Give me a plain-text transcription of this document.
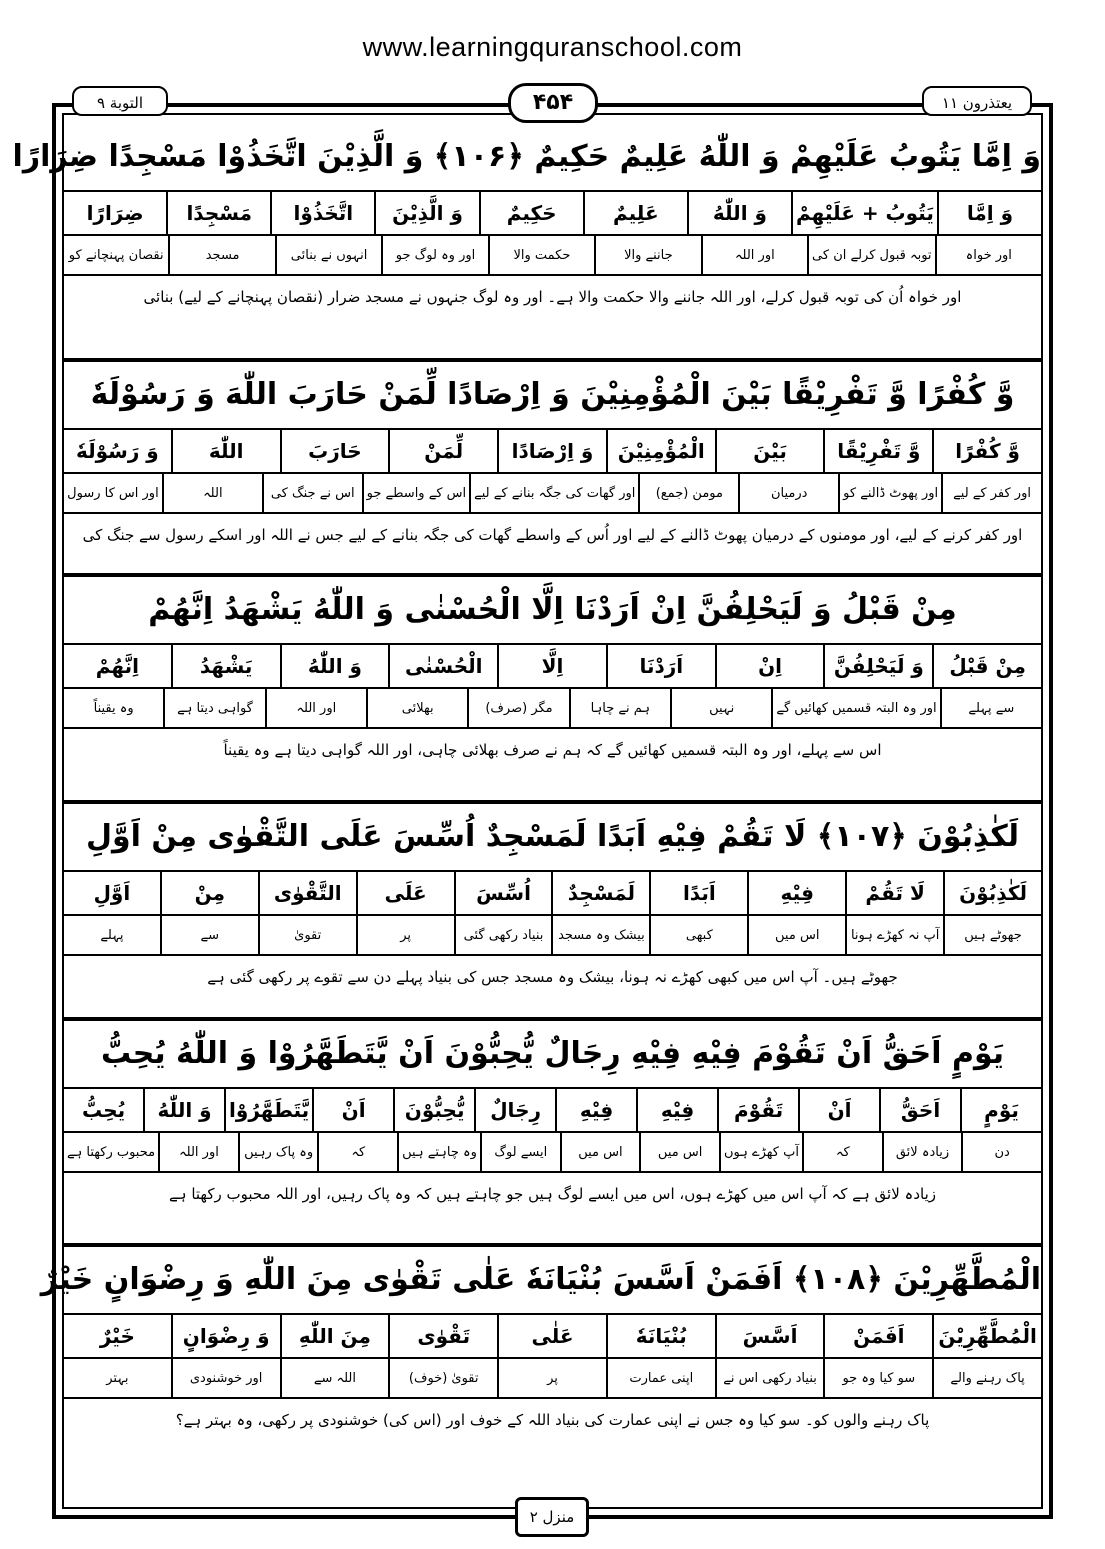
www.learningquranschool.com
التوبة ۹	۴۵۴	یعتذرون ۱۱
وَ اِمَّا يَتُوبُ عَلَيْهِمْ وَ اللّٰهُ عَلِيمٌ حَكِيمٌ ﴿۱۰۶﴾ وَ الَّذِيْنَ اتَّخَذُوْا مَسْجِدًا ضِرَارًا
وَ اِمَّا
يَتُوبُ + عَلَيْهِمْ
وَ اللّٰهُ
عَلِيمٌ
حَكِيمٌ
وَ الَّذِيْنَ
اتَّخَذُوْا
مَسْجِدًا
ضِرَارًا
اور خواہ
توبہ قبول کرلے ان کی
اور اللہ
جاننے والا
حکمت والا
اور وہ لوگ جو
انہوں نے بنائی
مسجد
نقصان پہنچانے کو
اور خواہ اُن کی توبہ قبول کرلے، اور اللہ جاننے والا حکمت والا ہے۔ اور وہ لوگ جنہوں نے مسجد ضرار (نقصان پہنچانے کے لیے) بنائی
وَّ كُفْرًا وَّ تَفْرِيْقًا بَيْنَ الْمُؤْمِنِيْنَ وَ اِرْصَادًا لِّمَنْ حَارَبَ اللّٰهَ وَ رَسُوْلَهٗ
وَّ كُفْرًا
وَّ تَفْرِيْقًا
بَيْنَ
الْمُؤْمِنِيْنَ
وَ اِرْصَادًا
لِّمَنْ
حَارَبَ
اللّٰهَ
وَ رَسُوْلَهٗ
اور کفر کے لیے
اور پھوٹ ڈالنے کو
درمیان
مومن (جمع)
اور گھات کی جگہ بنانے کے لیے
اس کے واسطے جو
اس نے جنگ کی
اللہ
اور اس کا رسول
اور کفر کرنے کے لیے، اور مومنوں کے درمیان پھوٹ ڈالنے کے لیے اور اُس کے واسطے گھات کی جگہ بنانے کے لیے جس نے اللہ اور اسکے رسول سے جنگ کی
مِنْ قَبْلُ وَ لَيَحْلِفُنَّ اِنْ اَرَدْنَا اِلَّا الْحُسْنٰى وَ اللّٰهُ يَشْهَدُ اِنَّهُمْ
مِنْ قَبْلُ
وَ لَيَحْلِفُنَّ
اِنْ
اَرَدْنَا
اِلَّا
الْحُسْنٰى
وَ اللّٰهُ
يَشْهَدُ
اِنَّهُمْ
سے پہلے
اور وہ البتہ قسمیں کھائیں گے
نہیں
ہم نے چاہا
مگر (صرف)
بھلائی
اور اللہ
گواہی دیتا ہے
وہ یقیناً
اس سے پہلے، اور وہ البتہ قسمیں کھائیں گے کہ ہم نے صرف بھلائی چاہی، اور اللہ گواہی دیتا ہے وہ یقیناً
لَكٰذِبُوْنَ ﴿۱۰۷﴾ لَا تَقُمْ فِيْهِ اَبَدًا لَمَسْجِدٌ اُسِّسَ عَلَى التَّقْوٰى مِنْ اَوَّلِ
لَكٰذِبُوْنَ
لَا تَقُمْ
فِيْهِ
اَبَدًا
لَمَسْجِدٌ
اُسِّسَ
عَلَى
التَّقْوٰى
مِنْ
اَوَّلِ
جھوٹے ہیں
آپ نہ کھڑے ہونا
اس میں
کبھی
بیشک وہ مسجد
بنیاد رکھی گئی
پر
تقویٰ
سے
پہلے
جھوٹے ہیں۔ آپ اس میں کبھی کھڑے نہ ہونا، بیشک وہ مسجد جس کی بنیاد پہلے دن سے تقوے پر رکھی گئی ہے
يَوْمٍ اَحَقُّ اَنْ تَقُوْمَ فِيْهِ فِيْهِ رِجَالٌ يُّحِبُّوْنَ اَنْ يَّتَطَهَّرُوْا وَ اللّٰهُ يُحِبُّ
يَوْمٍ
اَحَقُّ
اَنْ
تَقُوْمَ
فِيْهِ
فِيْهِ
رِجَالٌ
يُّحِبُّوْنَ
اَنْ
يَّتَطَهَّرُوْا
وَ اللّٰهُ
يُحِبُّ
دن
زیادہ لائق
کہ
آپ کھڑے ہوں
اس میں
اس میں
ایسے لوگ
وہ چاہتے ہیں
کہ
وہ پاک رہیں
اور اللہ
محبوب رکھتا ہے
زیادہ لائق ہے کہ آپ اس میں کھڑے ہوں، اس میں ایسے لوگ ہیں جو چاہتے ہیں کہ وہ پاک رہیں، اور اللہ محبوب رکھتا ہے
الْمُطَّهِّرِيْنَ ﴿۱۰۸﴾ اَفَمَنْ اَسَّسَ بُنْيَانَهٗ عَلٰى تَقْوٰى مِنَ اللّٰهِ وَ رِضْوَانٍ خَيْرٌ
الْمُطَّهِّرِيْنَ
اَفَمَنْ
اَسَّسَ
بُنْيَانَهٗ
عَلٰى
تَقْوٰى
مِنَ اللّٰهِ
وَ رِضْوَانٍ
خَيْرٌ
پاک رہنے والے
سو کیا وہ جو
بنیاد رکھی اس نے
اپنی عمارت
پر
تقویٰ (خوف)
اللہ سے
اور خوشنودی
بہتر
پاک رہنے والوں کو۔ سو کیا وہ جس نے اپنی عمارت کی بنیاد اللہ کے خوف اور (اس کی) خوشنودی پر رکھی، وہ بہتر ہے؟
منزل ۲
